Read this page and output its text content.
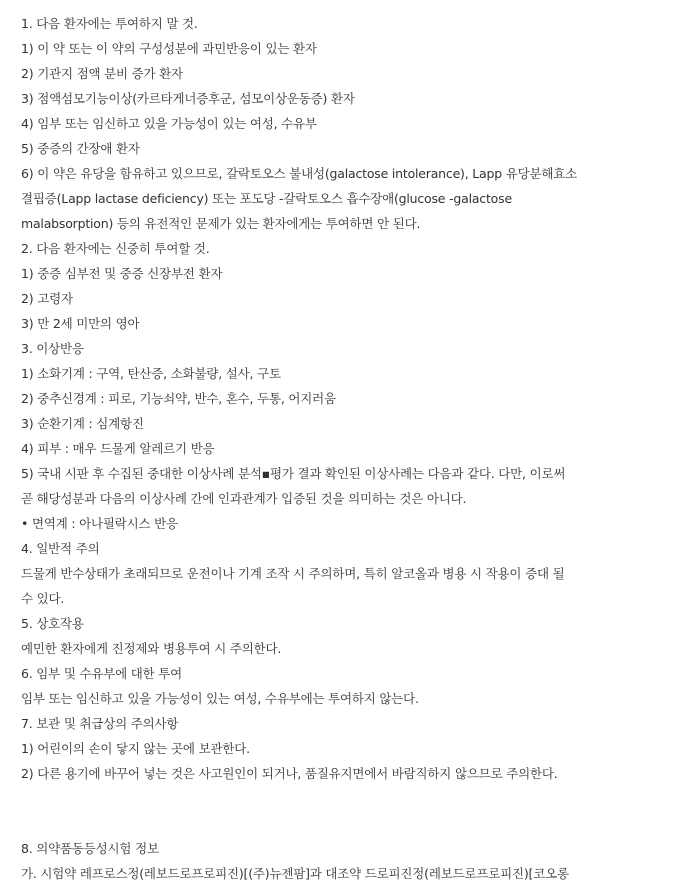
1. 다음 환자에는 투여하지 말 것.
1) 이 약 또는 이 약의 구성성분에 과민반응이 있는 환자
2) 기관지 점액 분비 증가 환자
3) 점액섬모기능이상(카르타게너증후군, 섬모이상운동증) 환자
4) 임부 또는 임신하고 있을 가능성이 있는 여성, 수유부
5) 중증의 간장애 환자
6) 이 약은 유당을 함유하고 있으므로, 갈락토오스 불내성(galactose intolerance), Lapp 유당분해효소
결핍증(Lapp lactase deficiency) 또는 포도당 -갈락토오스 흡수장애(glucose -galactose
malabsorption) 등의 유전적인 문제가 있는 환자에게는 투여하면 안 된다.
2. 다음 환자에는 신중히 투여할 것.
1) 중증 심부전 및 중증 신장부전 환자
2) 고령자
3) 만 2세 미만의 영아
3. 이상반응
1) 소화기계 : 구역, 탄산증, 소화불량, 설사, 구토
2) 중추신경계 : 피로, 기능쇠약, 반수, 혼수, 두통, 어지러움
3) 순환기계 : 심계항진
4) 피부 : 매우 드물게 알레르기 반응
5) 국내 시판 후 수집된 중대한 이상사례 분석▪평가 결과 확인된 이상사례는 다음과 같다. 다만, 이로써
곧 해당성분과 다음의 이상사례 간에 인과관계가 입증된 것을 의미하는 것은 아니다.
• 면역계 : 아나필락시스 반응
4. 일반적 주의
드물게 반수상태가 초래되므로 운전이나 기계 조작 시 주의하며, 특히 알코올과 병용 시 작용이 증대 될
수 있다.
5. 상호작용
예민한 환자에게 진정제와 병용투여 시 주의한다.
6. 임부 및 수유부에 대한 투여
임부 또는 임신하고 있을 가능성이 있는 여성, 수유부에는 투여하지 않는다.
7. 보관 및 취급상의 주의사항
1) 어린이의 손이 닿지 않는 곳에 보관한다.
2) 다른 용기에 바꾸어 넣는 것은 사고원인이 되거나, 품질유지면에서 바람직하지 않으므로 주의한다.
8. 의약품동등성시험 정보
가. 시험약 레프로스정(레보드로프로피진)[(주)뉴젠팜]과 대조약 드로피진정(레보드로프로피진)[코오롱
